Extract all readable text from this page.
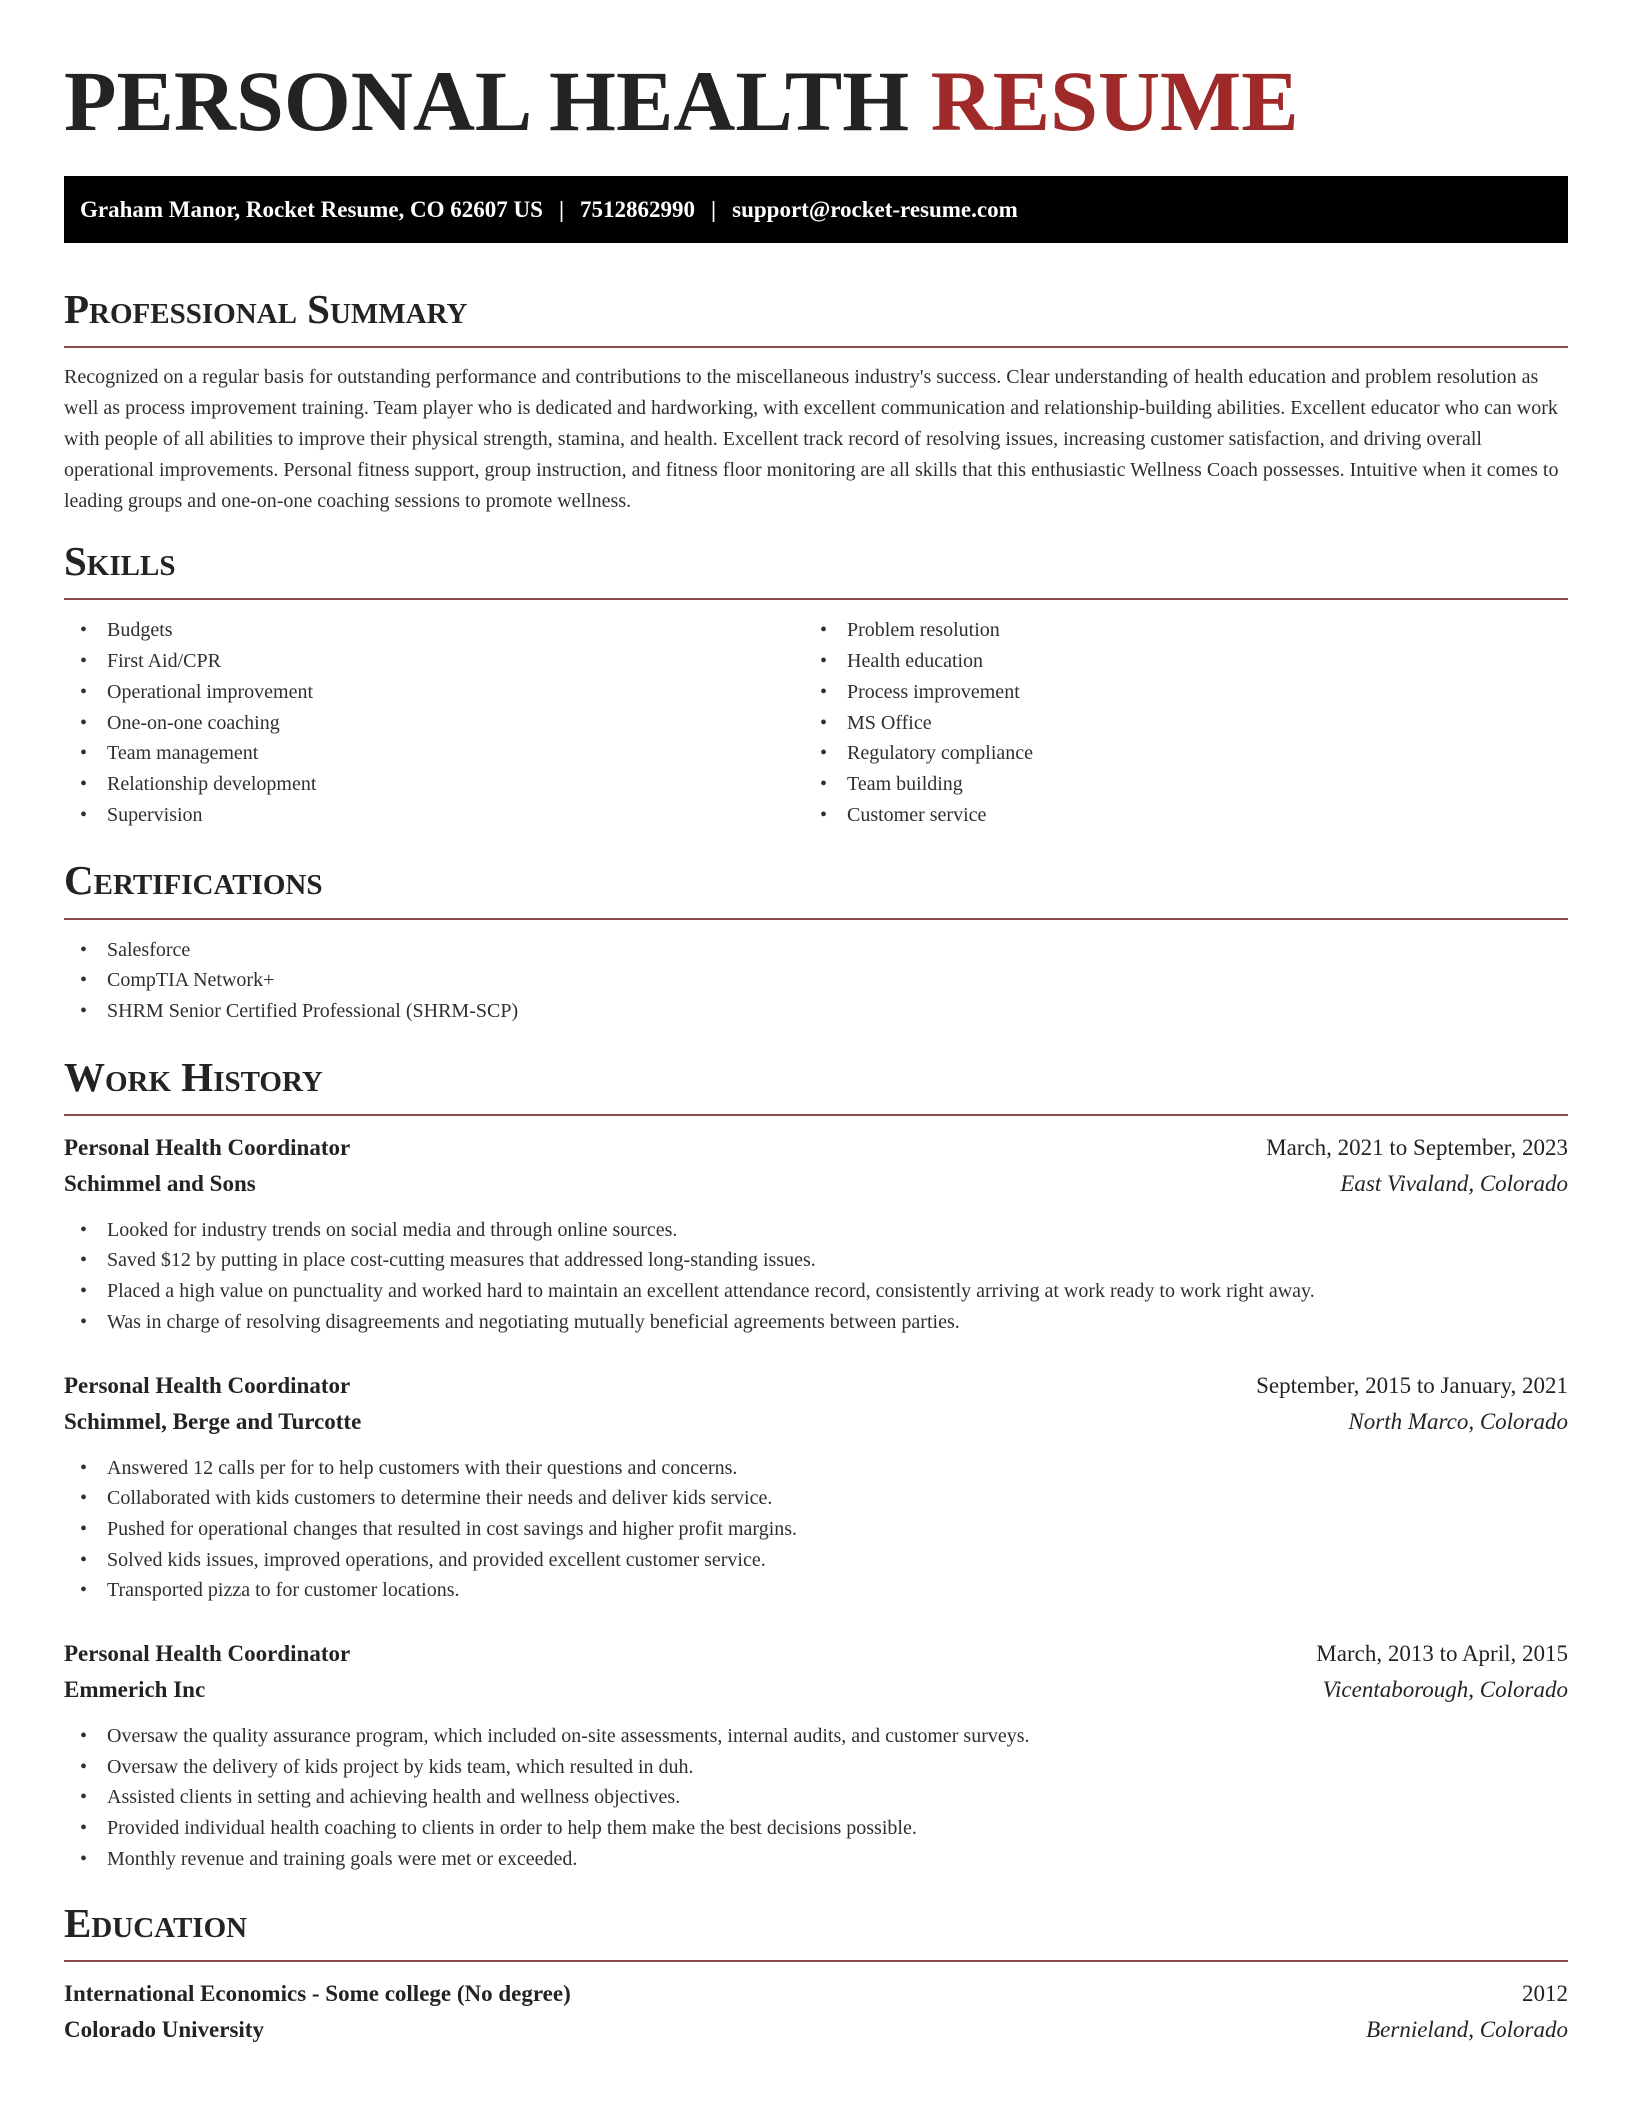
PERSONAL HEALTH RESUME
Graham Manor, Rocket Resume, CO 62607 US | 7512862990 | support@rocket-resume.com
Professional Summary

Recognized on a regular basis for outstanding performance and contributions to the miscellaneous industry's success. Clear understanding of health education and problem resolution as well as process improvement training. Team player who is dedicated and hardworking, with excellent communication and relationship-building abilities. Excellent educator who can work with people of all abilities to improve their physical strength, stamina, and health. Excellent track record of resolving issues, increasing customer satisfaction, and driving overall operational improvements. Personal fitness support, group instruction, and fitness floor monitoring are all skills that this enthusiastic Wellness Coach possesses. Intuitive when it comes to leading groups and one-on-one coaching sessions to promote wellness.

Skills
• Budgets
• First Aid/CPR
• Operational improvement
• One-on-one coaching
• Team management
• Relationship development
• Supervision
• Problem resolution
• Health education
• Process improvement
• MS Office
• Regulatory compliance
• Team building
• Customer service
Certifications
• Salesforce
• CompTIA Network+
• SHRM Senior Certified Professional (SHRM-SCP)
Work History
Personal Health Coordinator	March, 2021 to September, 2023
Schimmel and Sons	East Vivaland, Colorado
• Looked for industry trends on social media and through online sources.
• Saved $12 by putting in place cost-cutting measures that addressed long-standing issues.
• Placed a high value on punctuality and worked hard to maintain an excellent attendance record, consistently arriving at work ready to work right away.
• Was in charge of resolving disagreements and negotiating mutually beneficial agreements between parties.
Personal Health Coordinator	September, 2015 to January, 2021
Schimmel, Berge and Turcotte	North Marco, Colorado
• Answered 12 calls per for to help customers with their questions and concerns.
• Collaborated with kids customers to determine their needs and deliver kids service.
• Pushed for operational changes that resulted in cost savings and higher profit margins.
• Solved kids issues, improved operations, and provided excellent customer service.
• Transported pizza to for customer locations.
Personal Health Coordinator	March, 2013 to April, 2015
Emmerich Inc	Vicentaborough, Colorado
• Oversaw the quality assurance program, which included on-site assessments, internal audits, and customer surveys.
• Oversaw the delivery of kids project by kids team, which resulted in duh.
• Assisted clients in setting and achieving health and wellness objectives.
• Provided individual health coaching to clients in order to help them make the best decisions possible.
• Monthly revenue and training goals were met or exceeded.
Education
International Economics - Some college (No degree)	2012
Colorado University	Bernieland, Colorado
